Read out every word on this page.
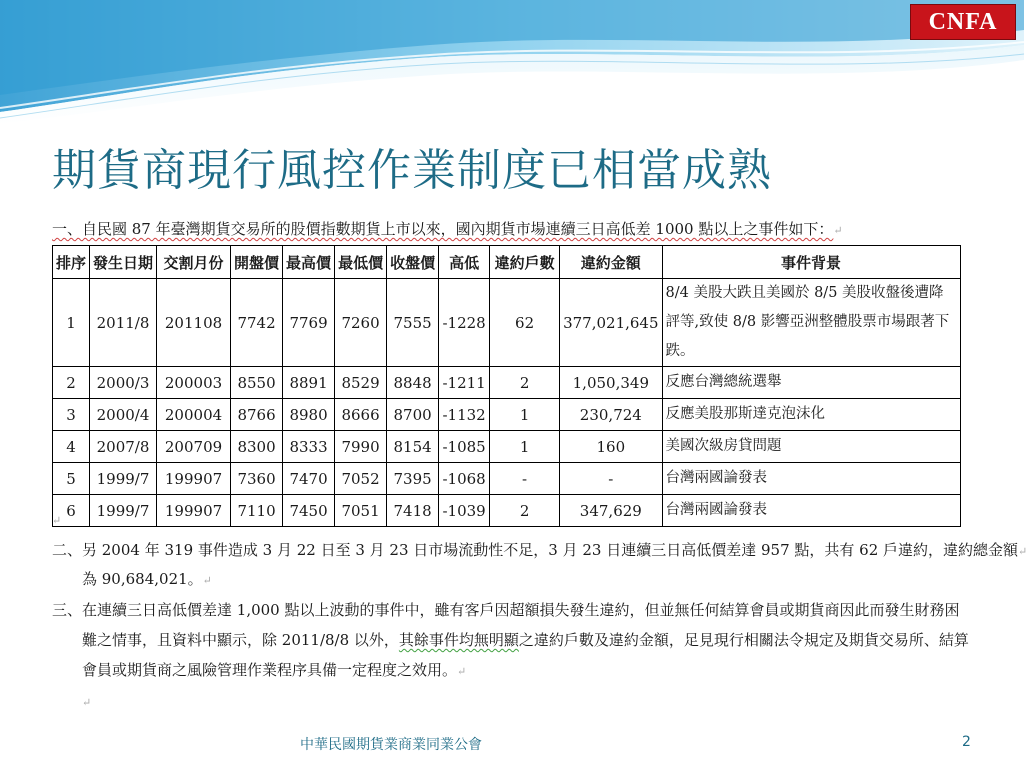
CNFA
期貨商現行風控作業制度已相當成熟
一、自民國 87 年臺灣期貨交易所的股價指數期貨上市以來，國內期貨市場連續三日高低差 1000 點以上之事件如下：↵
排序	發生日期	交割月份	開盤價	最高價	最低價	收盤價	高低	違約戶數	違約金額	事件背景
1	2011/8	201108	7742	7769	7260	7555	-1228	62	377,021,645	8/4 美股大跌且美國於 8/5 美股收盤後遭降評等,致使 8/8 影響亞洲整體股票市場跟著下跌。
2	2000/3	200003	8550	8891	8529	8848	-1211	2	1,050,349	反應台灣總統選舉
3	2000/4	200004	8766	8980	8666	8700	-1132	1	230,724	反應美股那斯達克泡沫化
4	2007/8	200709	8300	8333	7990	8154	-1085	1	160	美國次級房貸問題
5	1999/7	199907	7360	7470	7052	7395	-1068	-	-	台灣兩國論發表
6	1999/7	199907	7110	7450	7051	7418	-1039	2	347,629	台灣兩國論發表
↵
二、另 2004 年 319 事件造成 3 月 22 日至 3 月 23 日市場流動性不足，3 月 23 日連續三日高低價差達 957 點，共有 62 戶違約，違約總金額↵
為 90,684,021。↵
三、在連續三日高低價差達 1,000 點以上波動的事件中，雖有客戶因超額損失發生違約，但並無任何結算會員或期貨商因此而發生財務困
難之情事，且資料中顯示，除 2011/8/8 以外，其餘事件均無明顯之違約戶數及違約金額，足見現行相關法令規定及期貨交易所、結算
會員或期貨商之風險管理作業程序具備一定程度之效用。↵
↵
中華民國期貨業商業同業公會	2
